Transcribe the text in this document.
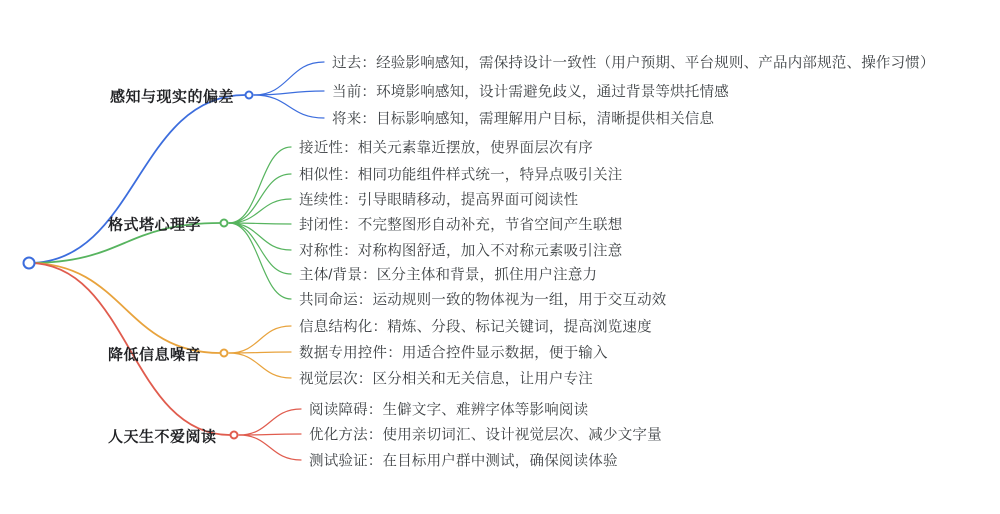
过去：经验影响感知，需保持设计一致性（用户预期、平台规则、产品内部规范、操作习惯）
当前：环境影响感知，设计需避免歧义，通过背景等烘托情感
将来：目标影响感知，需理解用户目标，清晰提供相关信息
感知与现实的偏差
接近性：相关元素靠近摆放，使界面层次有序
相似性：相同功能组件样式统一，特异点吸引关注
连续性：引导眼睛移动，提高界面可阅读性
封闭性：不完整图形自动补充，节省空间产生联想
对称性：对称构图舒适，加入不对称元素吸引注意
主体/背景：区分主体和背景，抓住用户注意力
共同命运：运动规则一致的物体视为一组，用于交互动效
格式塔心理学
信息结构化：精炼、分段、标记关键词，提高浏览速度
数据专用控件：用适合控件显示数据，便于输入
视觉层次：区分相关和无关信息，让用户专注
降低信息噪音
阅读障碍：生僻文字、难辨字体等影响阅读
优化方法：使用亲切词汇、设计视觉层次、减少文字量
测试验证：在目标用户群中测试，确保阅读体验
人天生不爱阅读
